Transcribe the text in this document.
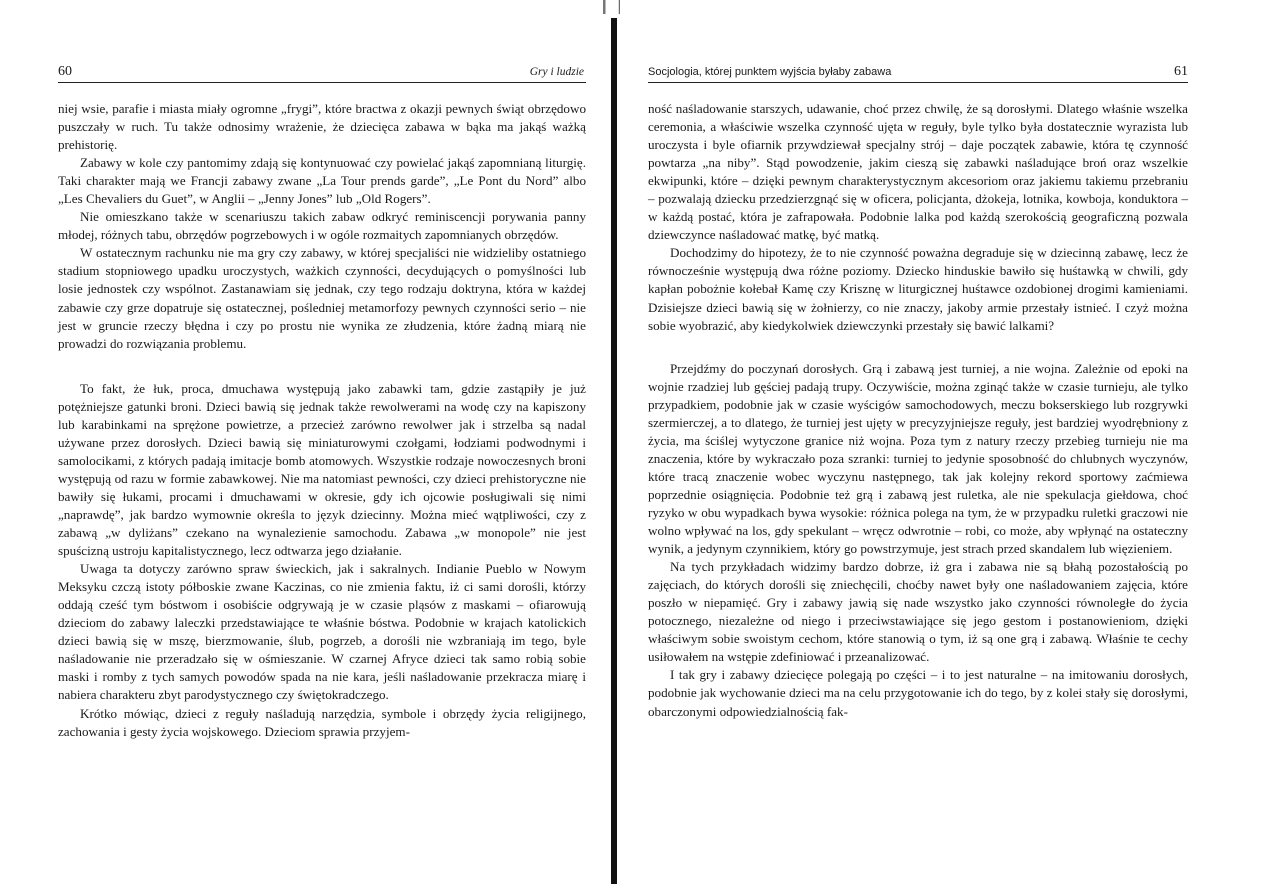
▕▏▕
60	Gry i ludzie

niej wsie, parafie i miasta miały ogromne „frygi”, które bractwa z okazji pewnych świąt obrzędowo puszczały w ruch. Tu także odnosimy wrażenie, że dziecięca zabawa w bąka ma jakąś ważką prehistorię.

Zabawy w kole czy pantomimy zdają się kontynuować czy powielać jakąś zapomnianą liturgię. Taki charakter mają we Francji zabawy zwane „La Tour prends garde”, „Le Pont du Nord” albo „Les Chevaliers du Guet”, w Anglii – „Jenny Jones” lub „Old Rogers”.

Nie omieszkano także w scenariuszu takich zabaw odkryć reminiscencji porywania panny młodej, różnych tabu, obrzędów pogrzebowych i w ogóle rozmaitych zapomnianych obrzędów.

W ostatecznym rachunku nie ma gry czy zabawy, w której specjaliści nie widzieliby ostatniego stadium stopniowego upadku uroczystych, ważkich czynności, decydujących o pomyślności lub losie jednostek czy wspólnot. Zastanawiam się jednak, czy tego rodzaju doktryna, która w każdej zabawie czy grze dopatruje się ostatecznej, pośledniej metamorfozy pewnych czynności serio – nie jest w gruncie rzeczy błędna i czy po prostu nie wynika ze złudzenia, które żadną miarą nie prowadzi do rozwiązania problemu.

To fakt, że łuk, proca, dmuchawa występują jako zabawki tam, gdzie zastąpiły je już potężniejsze gatunki broni. Dzieci bawią się jednak także rewolwerami na wodę czy na kapiszony lub karabinkami na sprężone powietrze, a przecież zarówno rewolwer jak i strzelba są nadal używane przez dorosłych. Dzieci bawią się miniaturowymi czołgami, łodziami podwodnymi i samolocikami, z których padają imitacje bomb atomowych. Wszystkie rodzaje nowoczesnych broni występują od razu w formie zabawkowej. Nie ma natomiast pewności, czy dzieci prehistoryczne nie bawiły się łukami, procami i dmuchawami w okresie, gdy ich ojcowie posługiwali się nimi „naprawdę”, jak bardzo wymownie określa to język dziecinny. Można mieć wątpliwości, czy z zabawą „w dyliżans” czekano na wynalezienie samochodu. Zabawa „w monopole” nie jest spuścizną ustroju kapitalistycznego, lecz odtwarza jego działanie.

Uwaga ta dotyczy zarówno spraw świeckich, jak i sakralnych. Indianie Pueblo w Nowym Meksyku czczą istoty półboskie zwane Kaczinas, co nie zmienia faktu, iż ci sami dorośli, którzy oddają cześć tym bóstwom i osobiście odgrywają je w czasie pląsów z maskami – ofiarowują dzieciom do zabawy laleczki przedstawiające te właśnie bóstwa. Podobnie w krajach katolickich dzieci bawią się w mszę, bierzmowanie, ślub, pogrzeb, a dorośli nie wzbraniają im tego, byle naśladowanie nie przeradzało się w ośmieszanie. W czarnej Afryce dzieci tak samo robią sobie maski i romby z tych samych powodów spada na nie kara, jeśli naśladowanie przekracza miarę i nabiera charakteru zbyt parodystycznego czy świętokradczego.

Krótko mówiąc, dzieci z reguły naśladują narzędzia, symbole i obrzędy życia religijnego, zachowania i gesty życia wojskowego. Dzieciom sprawia przyjem-

Socjologia, której punktem wyjścia byłaby zabawa	61

ność naśladowanie starszych, udawanie, choć przez chwilę, że są dorosłymi. Dlatego właśnie wszelka ceremonia, a właściwie wszelka czynność ujęta w reguły, byle tylko była dostatecznie wyrazista lub uroczysta i byle ofiarnik przywdziewał specjalny strój – daje początek zabawie, która tę czynność powtarza „na niby”. Stąd powodzenie, jakim cieszą się zabawki naśladujące broń oraz wszelkie ekwipunki, które – dzięki pewnym charakterystycznym akcesoriom oraz jakiemu takiemu przebraniu – pozwalają dziecku przedzierzgnąć się w oficera, policjanta, dżokeja, lotnika, kowboja, konduktora – w każdą postać, która je zafrapowała. Podobnie lalka pod każdą szerokością geograficzną pozwala dziewczynce naśladować matkę, być matką.

Dochodzimy do hipotezy, że to nie czynność poważna degraduje się w dziecinną zabawę, lecz że równocześnie występują dwa różne poziomy. Dziecko hinduskie bawiło się huśtawką w chwili, gdy kapłan pobożnie kołebał Kamę czy Krisznę w liturgicznej huśtawce ozdobionej drogimi kamieniami. Dzisiejsze dzieci bawią się w żołnierzy, co nie znaczy, jakoby armie przestały istnieć. I czyż można sobie wyobrazić, aby kiedykolwiek dziewczynki przestały się bawić lalkami?

Przejdźmy do poczynań dorosłych. Grą i zabawą jest turniej, a nie wojna. Zależnie od epoki na wojnie rzadziej lub gęściej padają trupy. Oczywiście, można zginąć także w czasie turnieju, ale tylko przypadkiem, podobnie jak w czasie wyścigów samochodowych, meczu bokserskiego lub rozgrywki szermierczej, a to dlatego, że turniej jest ujęty w precyzyjniejsze reguły, jest bardziej wyodrębniony z życia, ma ściślej wytyczone granice niż wojna. Poza tym z natury rzeczy przebieg turnieju nie ma znaczenia, które by wykraczało poza szranki: turniej to jedynie sposobność do chlubnych wyczynów, które tracą znaczenie wobec wyczynu następnego, tak jak kolejny rekord sportowy zaćmiewa poprzednie osiągnięcia. Podobnie też grą i zabawą jest ruletka, ale nie spekulacja giełdowa, choć ryzyko w obu wypadkach bywa wysokie: różnica polega na tym, że w przypadku ruletki graczowi nie wolno wpływać na los, gdy spekulant – wręcz odwrotnie – robi, co może, aby wpłynąć na ostateczny wynik, a jedynym czynnikiem, który go powstrzymuje, jest strach przed skandalem lub więzieniem.

Na tych przykładach widzimy bardzo dobrze, iż gra i zabawa nie są błahą pozostałością po zajęciach, do których dorośli się zniechęcili, choćby nawet były one naśladowaniem zajęcia, które poszło w niepamięć. Gry i zabawy jawią się nade wszystko jako czynności równoległe do życia potocznego, niezależne od niego i przeciwstawiające się jego gestom i postanowieniom, dzięki właściwym sobie swoistym cechom, które stanowią o tym, iż są one grą i zabawą. Właśnie te cechy usiłowałem na wstępie zdefiniować i przeanalizować.

I tak gry i zabawy dziecięce polegają po części – i to jest naturalne – na imitowaniu dorosłych, podobnie jak wychowanie dzieci ma na celu przygotowanie ich do tego, by z kolei stały się dorosłymi, obarczonymi odpowiedzialnością fak-
